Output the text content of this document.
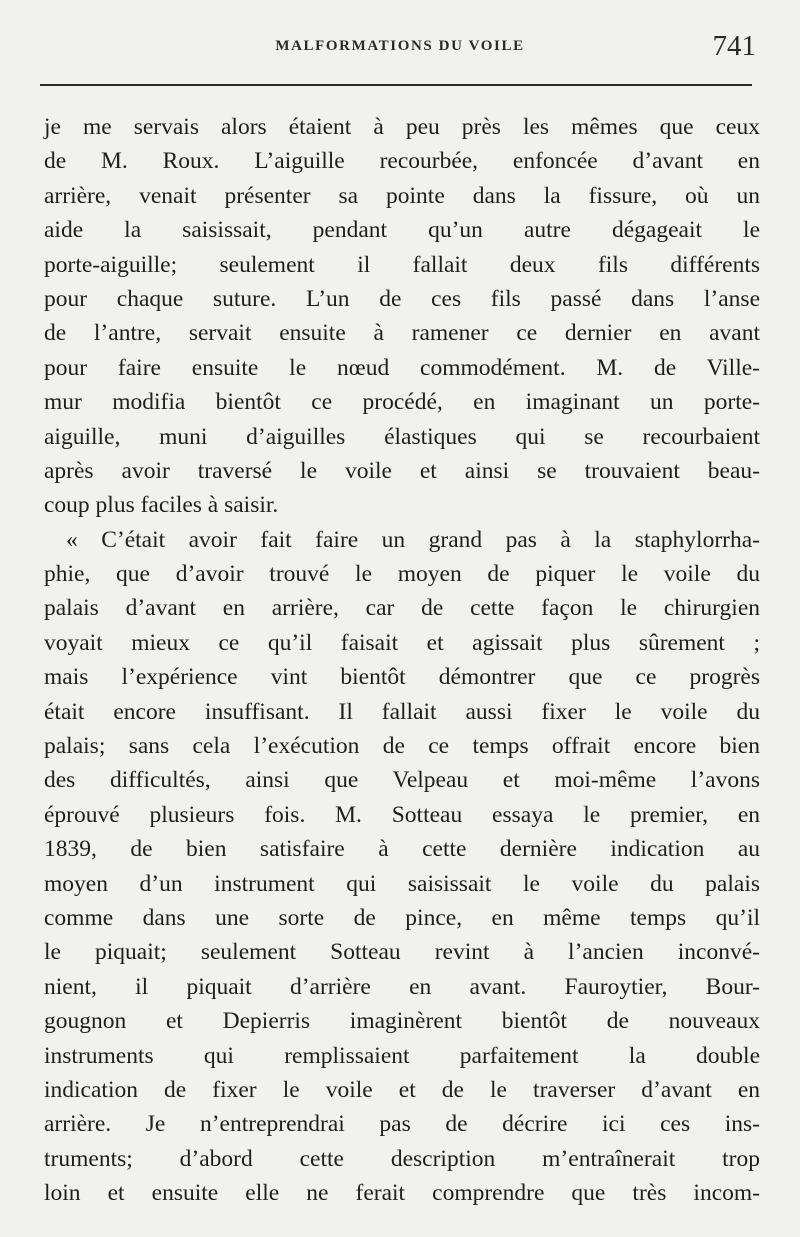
MALFORMATIONS DU VOILE	741
je me servais alors étaient à peu près les mêmes que ceux
de M. Roux. L’aiguille recourbée, enfoncée d’avant en
arrière, venait présenter sa pointe dans la fissure, où un
aide la saisissait, pendant qu’un autre dégageait le
porte-aiguille; seulement il fallait deux fils différents
pour chaque suture. L’un de ces fils passé dans l’anse
de l’antre, servait ensuite à ramener ce dernier en avant
pour faire ensuite le nœud commodément. M. de Ville-
mur modifia bientôt ce procédé, en imaginant un porte-
aiguille, muni d’aiguilles élastiques qui se recourbaient
après avoir traversé le voile et ainsi se trouvaient beau-
coup plus faciles à saisir.
« C’était avoir fait faire un grand pas à la staphylorrha-
phie, que d’avoir trouvé le moyen de piquer le voile du
palais d’avant en arrière, car de cette façon le chirurgien
voyait mieux ce qu’il faisait et agissait plus sûrement ;
mais l’expérience vint bientôt démontrer que ce progrès
était encore insuffisant. Il fallait aussi fixer le voile du
palais; sans cela l’exécution de ce temps offrait encore bien
des difficultés, ainsi que Velpeau et moi-même l’avons
éprouvé plusieurs fois. M. Sotteau essaya le premier, en
1839, de bien satisfaire à cette dernière indication au
moyen d’un instrument qui saisissait le voile du palais
comme dans une sorte de pince, en même temps qu’il
le piquait; seulement Sotteau revint à l’ancien inconvé-
nient, il piquait d’arrière en avant. Fauroytier, Bour-
gougnon et Depierris imaginèrent bientôt de nouveaux
instruments qui remplissaient parfaitement la double
indication de fixer le voile et de le traverser d’avant en
arrière. Je n’entreprendrai pas de décrire ici ces ins-
truments; d’abord cette description m’entraînerait trop
loin et ensuite elle ne ferait comprendre que très incom-
